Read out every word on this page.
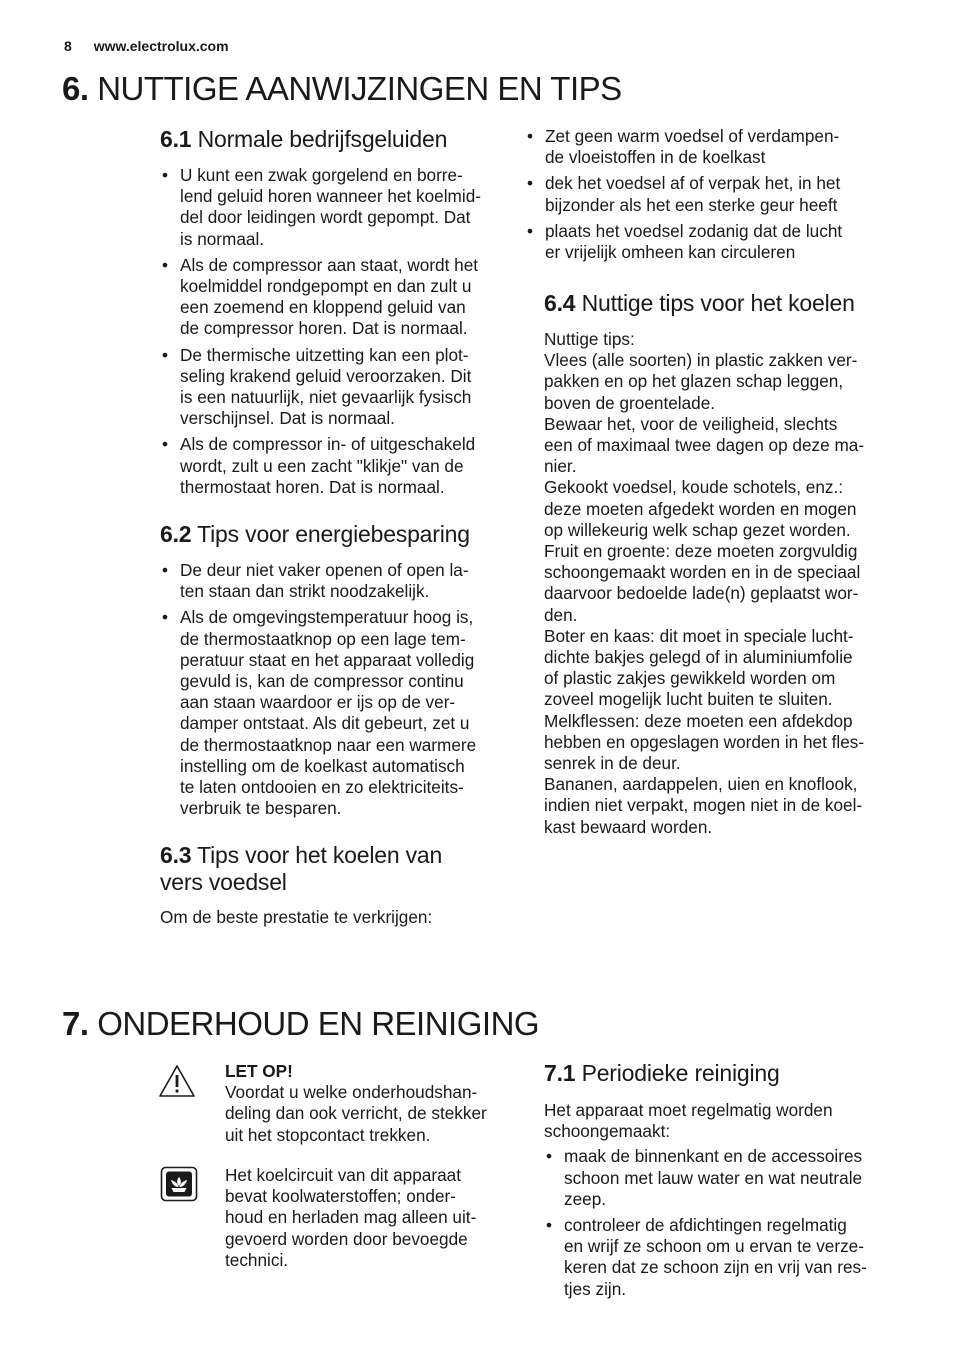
8 www.electrolux.com
6. NUTTIGE AANWIJZINGEN EN TIPS
6.1 Normale bedrijfsgeluiden
• U kunt een zwak gorgelend en borre-
lend geluid horen wanneer het koelmid-
del door leidingen wordt gepompt. Dat
is normaal.
• Als de compressor aan staat, wordt het
koelmiddel rondgepompt en dan zult u
een zoemend en kloppend geluid van
de compressor horen. Dat is normaal.
• De thermische uitzetting kan een plot-
seling krakend geluid veroorzaken. Dit
is een natuurlijk, niet gevaarlijk fysisch
verschijnsel. Dat is normaal.
• Als de compressor in- of uitgeschakeld
wordt, zult u een zacht "klikje" van de
thermostaat horen. Dat is normaal.
6.2 Tips voor energiebesparing
• De deur niet vaker openen of open la-
ten staan dan strikt noodzakelijk.
• Als de omgevingstemperatuur hoog is,
de thermostaatknop op een lage tem-
peratuur staat en het apparaat volledig
gevuld is, kan de compressor continu
aan staan waardoor er ijs op de ver-
damper ontstaat. Als dit gebeurt, zet u
de thermostaatknop naar een warmere
instelling om de koelkast automatisch
te laten ontdooien en zo elektriciteits-
verbruik te besparen.
6.3 Tips voor het koelen van
vers voedsel

Om de beste prestatie te verkrijgen:

• Zet geen warm voedsel of verdampen-
de vloeistoffen in de koelkast
• dek het voedsel af of verpak het, in het
bijzonder als het een sterke geur heeft
• plaats het voedsel zodanig dat de lucht
er vrijelijk omheen kan circuleren
6.4 Nuttige tips voor het koelen

Nuttige tips:
Vlees (alle soorten) in plastic zakken ver-
pakken en op het glazen schap leggen,
boven de groentelade.
Bewaar het, voor de veiligheid, slechts
een of maximaal twee dagen op deze ma-
nier.
Gekookt voedsel, koude schotels, enz.:
deze moeten afgedekt worden en mogen
op willekeurig welk schap gezet worden.
Fruit en groente: deze moeten zorgvuldig
schoongemaakt worden en in de speciaal
daarvoor bedoelde lade(n) geplaatst wor-
den.
Boter en kaas: dit moet in speciale lucht-
dichte bakjes gelegd of in aluminiumfolie
of plastic zakjes gewikkeld worden om
zoveel mogelijk lucht buiten te sluiten.
Melkflessen: deze moeten een afdekdop
hebben en opgeslagen worden in het fles-
senrek in de deur.
Bananen, aardappelen, uien en knoflook,
indien niet verpakt, mogen niet in de koel-
kast bewaard worden.

7. ONDERHOUD EN REINIGING

LET OP!

Voordat u welke onderhoudshan-
deling dan ook verricht, de stekker
uit het stopcontact trekken.

Het koelcircuit van dit apparaat
bevat koolwaterstoffen; onder-
houd en herladen mag alleen uit-
gevoerd worden door bevoegde
technici.

7.1 Periodieke reiniging

Het apparaat moet regelmatig worden
schoongemaakt:

• maak de binnenkant en de accessoires
schoon met lauw water en wat neutrale
zeep.
• controleer de afdichtingen regelmatig
en wrijf ze schoon om u ervan te verze-
keren dat ze schoon zijn en vrij van res-
tjes zijn.
